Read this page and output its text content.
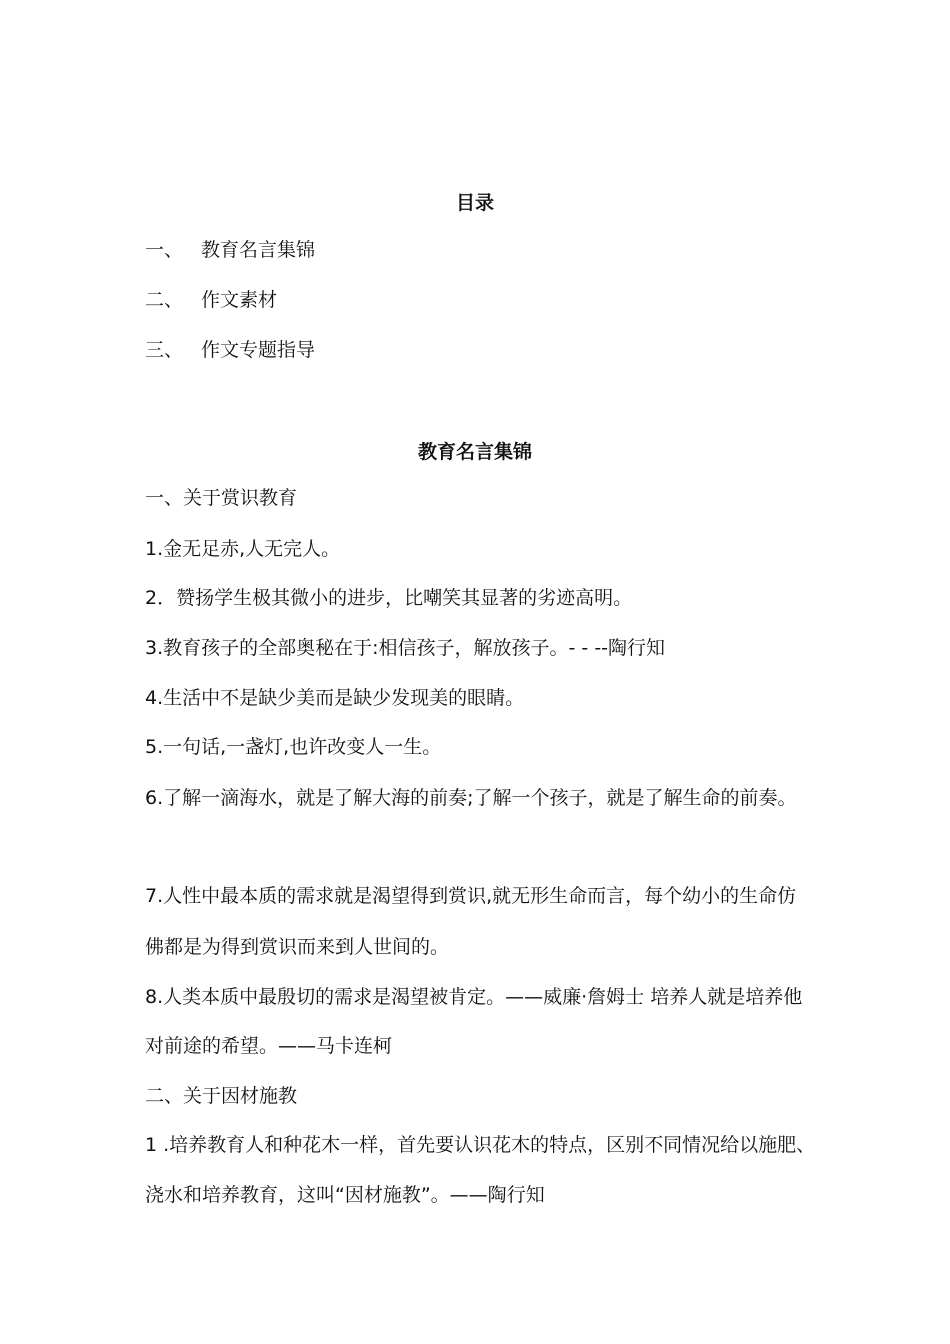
目录
一、 教育名言集锦
二、 作文素材
三、 作文专题指导
教育名言集锦
一、关于赏识教育
1.金无足赤,人无完人。
2．赞扬学生极其微小的进步，比嘲笑其显著的劣迹高明。
3.教育孩子的全部奥秘在于:相信孩子，解放孩子。- - --陶行知
4.生活中不是缺少美而是缺少发现美的眼睛。
5.一句话,一盏灯,也许改变人一生。
6.了解一滴海水，就是了解大海的前奏;了解一个孩子，就是了解生命的前奏。
7.人性中最本质的需求就是渴望得到赏识,就无形生命而言，每个幼小的生命仿
佛都是为得到赏识而来到人世间的。
8.人类本质中最殷切的需求是渴望被肯定。——威廉·詹姆士 培养人就是培养他
对前途的希望。——马卡连柯
二、关于因材施教
1 .培养教育人和种花木一样，首先要认识花木的特点，区别不同情况给以施肥、
浇水和培养教育，这叫“因材施教”。——陶行知
